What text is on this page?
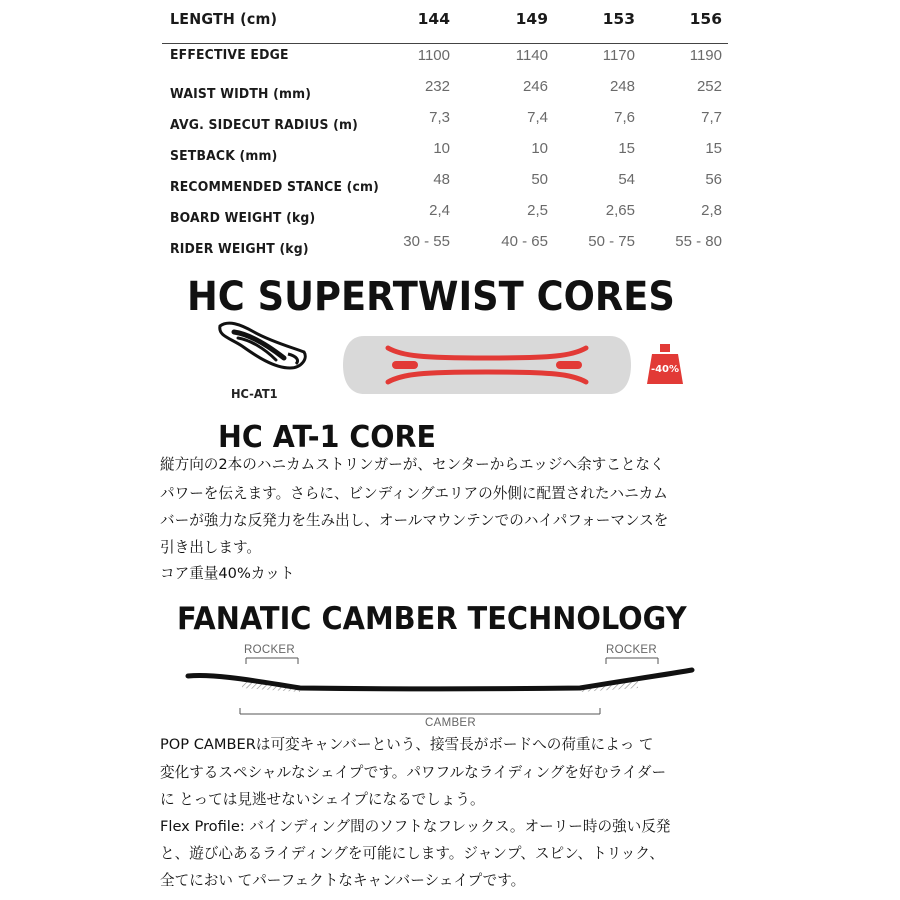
LENGTH (cm)	144	149	153	156
EFFECTIVE EDGE	1100	1140	1170	1190
WAIST WIDTH (mm)	232	246	248	252
AVG. SIDECUT RADIUS (m)	7,3	7,4	7,6	7,7
SETBACK (mm)	10	10	15	15
RECOMMENDED STANCE (cm)	48	50	54	56
BOARD WEIGHT (kg)	2,4	2,5	2,65	2,8
RIDER WEIGHT (kg)	30 - 55	40 - 65	50 - 75	55 - 80
HC SUPERTWIST CORES
HC-AT1
-40%
HC AT-1 CORE
縦方向の2本のハニカムストリンガーが、センターからエッジへ余すことなく
パワーを伝えます。さらに、ビンディングエリアの外側に配置されたハニカム
バーが強力な反発力を生み出し、オールマウンテンでのハイパフォーマンスを
引き出します。
コア重量40%カット
FANATIC CAMBER TECHNOLOGY
ROCKER	ROCKER
CAMBER
POP CAMBERは可変キャンバーという、接雪長がボードへの荷重によっ て
変化するスペシャルなシェイプです。パワフルなライディングを好むライダー
に とっては見逃せないシェイプになるでしょう。
Flex Profile: バインディング間のソフトなフレックス。オーリー時の強い反発
と、遊び心あるライディングを可能にします。ジャンプ、スピン、トリック、
全てにおい てパーフェクトなキャンバーシェイプです。
